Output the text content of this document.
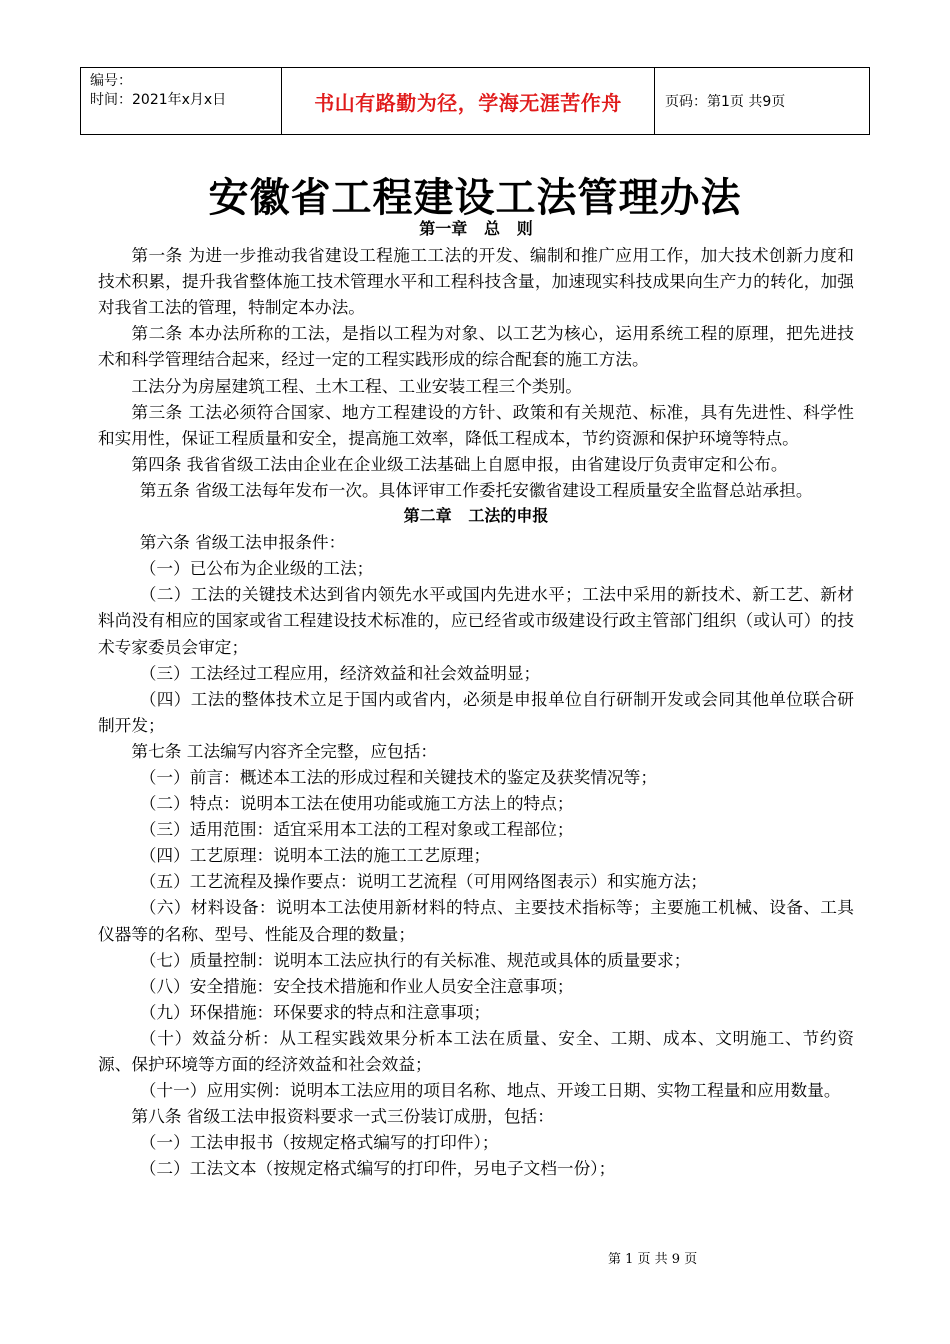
编号：
时间：2021年x月x日	书山有路勤为径，学海无涯苦作舟	页码：第1页 共9页
安徽省工程建设工法管理办法
第一章   总   则
第一条 为进一步推动我省建设工程施工工法的开发、编制和推广应用工作，加大技术创新力度和技术积累，提升我省整体施工技术管理水平和工程科技含量，加速现实科技成果向生产力的转化，加强对我省工法的管理，特制定本办法。
第二条 本办法所称的工法，是指以工程为对象、以工艺为核心，运用系统工程的原理，把先进技术和科学管理结合起来，经过一定的工程实践形成的综合配套的施工方法。
工法分为房屋建筑工程、土木工程、工业安装工程三个类别。
第三条 工法必须符合国家、地方工程建设的方针、政策和有关规范、标准，具有先进性、科学性和实用性，保证工程质量和安全，提高施工效率，降低工程成本，节约资源和保护环境等特点。
第四条 我省省级工法由企业在企业级工法基础上自愿申报，由省建设厅负责审定和公布。
第五条 省级工法每年发布一次。具体评审工作委托安徽省建设工程质量安全监督总站承担。
第二章   工法的申报
第六条 省级工法申报条件：
（一）已公布为企业级的工法；
（二）工法的关键技术达到省内领先水平或国内先进水平；工法中采用的新技术、新工艺、新材料尚没有相应的国家或省工程建设技术标准的，应已经省或市级建设行政主管部门组织（或认可）的技术专家委员会审定；
（三）工法经过工程应用，经济效益和社会效益明显；
（四）工法的整体技术立足于国内或省内，必须是申报单位自行研制开发或会同其他单位联合研制开发；
第七条 工法编写内容齐全完整，应包括：
（一）前言：概述本工法的形成过程和关键技术的鉴定及获奖情况等；
（二）特点：说明本工法在使用功能或施工方法上的特点；
（三）适用范围：适宜采用本工法的工程对象或工程部位；
（四）工艺原理：说明本工法的施工工艺原理；
（五）工艺流程及操作要点：说明工艺流程（可用网络图表示）和实施方法；
（六）材料设备：说明本工法使用新材料的特点、主要技术指标等；主要施工机械、设备、工具仪器等的名称、型号、性能及合理的数量；
（七）质量控制：说明本工法应执行的有关标准、规范或具体的质量要求；
（八）安全措施：安全技术措施和作业人员安全注意事项；
（九）环保措施：环保要求的特点和注意事项；
（十）效益分析：从工程实践效果分析本工法在质量、安全、工期、成本、文明施工、节约资源、保护环境等方面的经济效益和社会效益；
（十一）应用实例：说明本工法应用的项目名称、地点、开竣工日期、实物工程量和应用数量。
第八条 省级工法申报资料要求一式三份装订成册，包括：
（一）工法申报书（按规定格式编写的打印件）；
（二）工法文本（按规定格式编写的打印件，另电子文档一份）；
第 1 页 共 9 页
